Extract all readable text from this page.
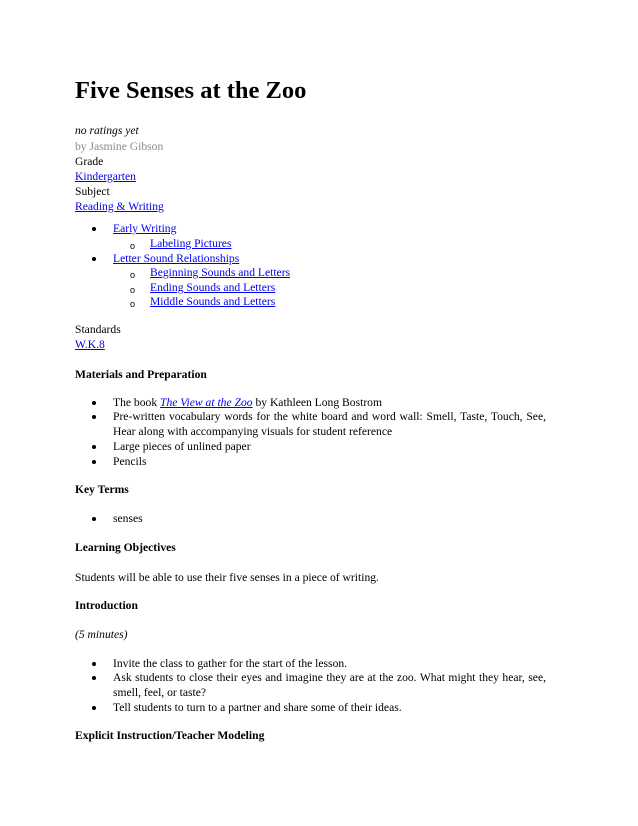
Five Senses at the Zoo
no ratings yet
by Jasmine Gibson
Grade
Kindergarten
Subject
Reading & Writing
Early Writing
o Labeling Pictures
Letter Sound Relationships
o Beginning Sounds and Letters
o Ending Sounds and Letters
o Middle Sounds and Letters
Standards
W.K.8
Materials and Preparation
The book The View at the Zoo by Kathleen Long Bostrom
Pre-written vocabulary words for the white board and word wall: Smell, Taste, Touch, See, Hear along with accompanying visuals for student reference
Large pieces of unlined paper
Pencils
Key Terms
senses
Learning Objectives
Students will be able to use their five senses in a piece of writing.
Introduction
(5 minutes)
Invite the class to gather for the start of the lesson.
Ask students to close their eyes and imagine they are at the zoo. What might they hear, see, smell, feel, or taste?
Tell students to turn to a partner and share some of their ideas.
Explicit Instruction/Teacher Modeling
